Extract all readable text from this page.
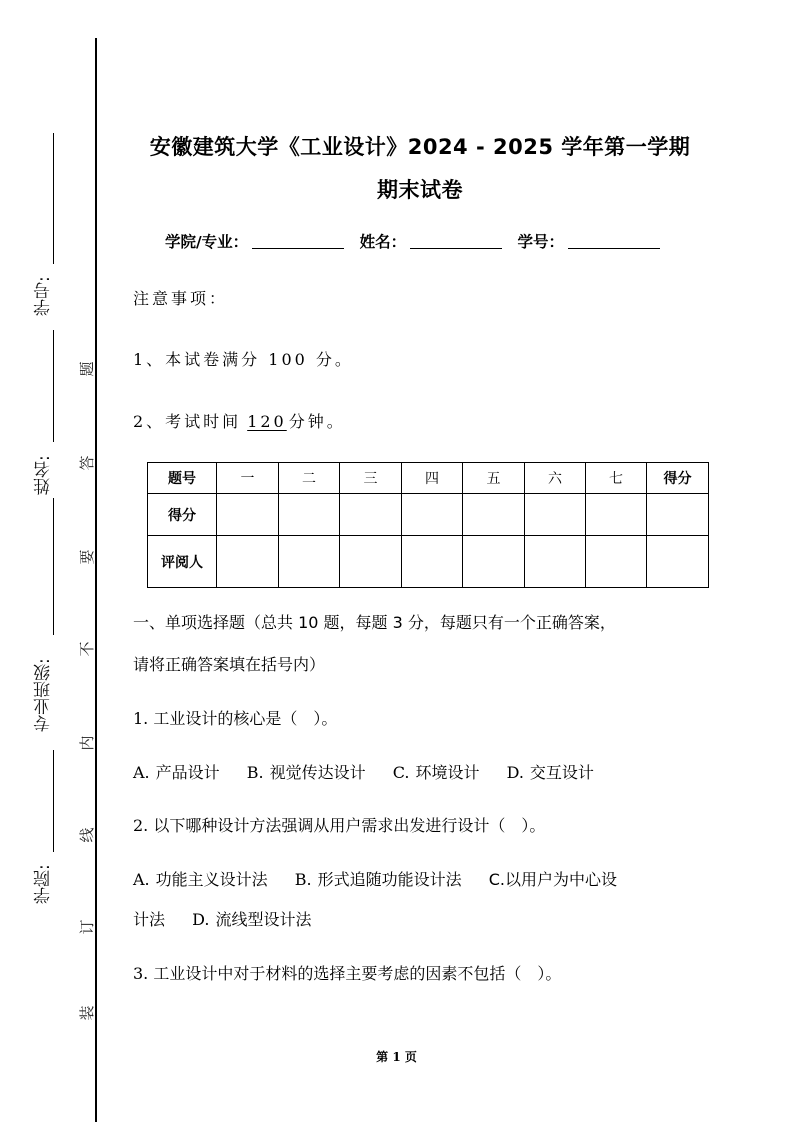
学号:
姓名:
专业班级:
学院:
题
答
要
不
内
线
订
装
安徽建筑大学《工业设计》2024 - 2025 学年第一学期
期末试卷
学院/专业：	姓名：	学号：
注意事项：
1、本试卷满分 100 分。
2、考试时间 120 分钟。
题号	一	二	三	四	五	六	七	得分
得分								
评阅人								
一、单项选择题（总共 10 题，每题 3 分，每题只有一个正确答案，
请将正确答案填在括号内）
1. 工业设计的核心是（　）。
A. 产品设计 B. 视觉传达设计 C. 环境设计 D. 交互设计
2. 以下哪种设计方法强调从用户需求出发进行设计（　）。
A. 功能主义设计法 B. 形式追随功能设计法 C.以用户为中心设
计法 D. 流线型设计法
3. 工业设计中对于材料的选择主要考虑的因素不包括（　）。
第 1 页
